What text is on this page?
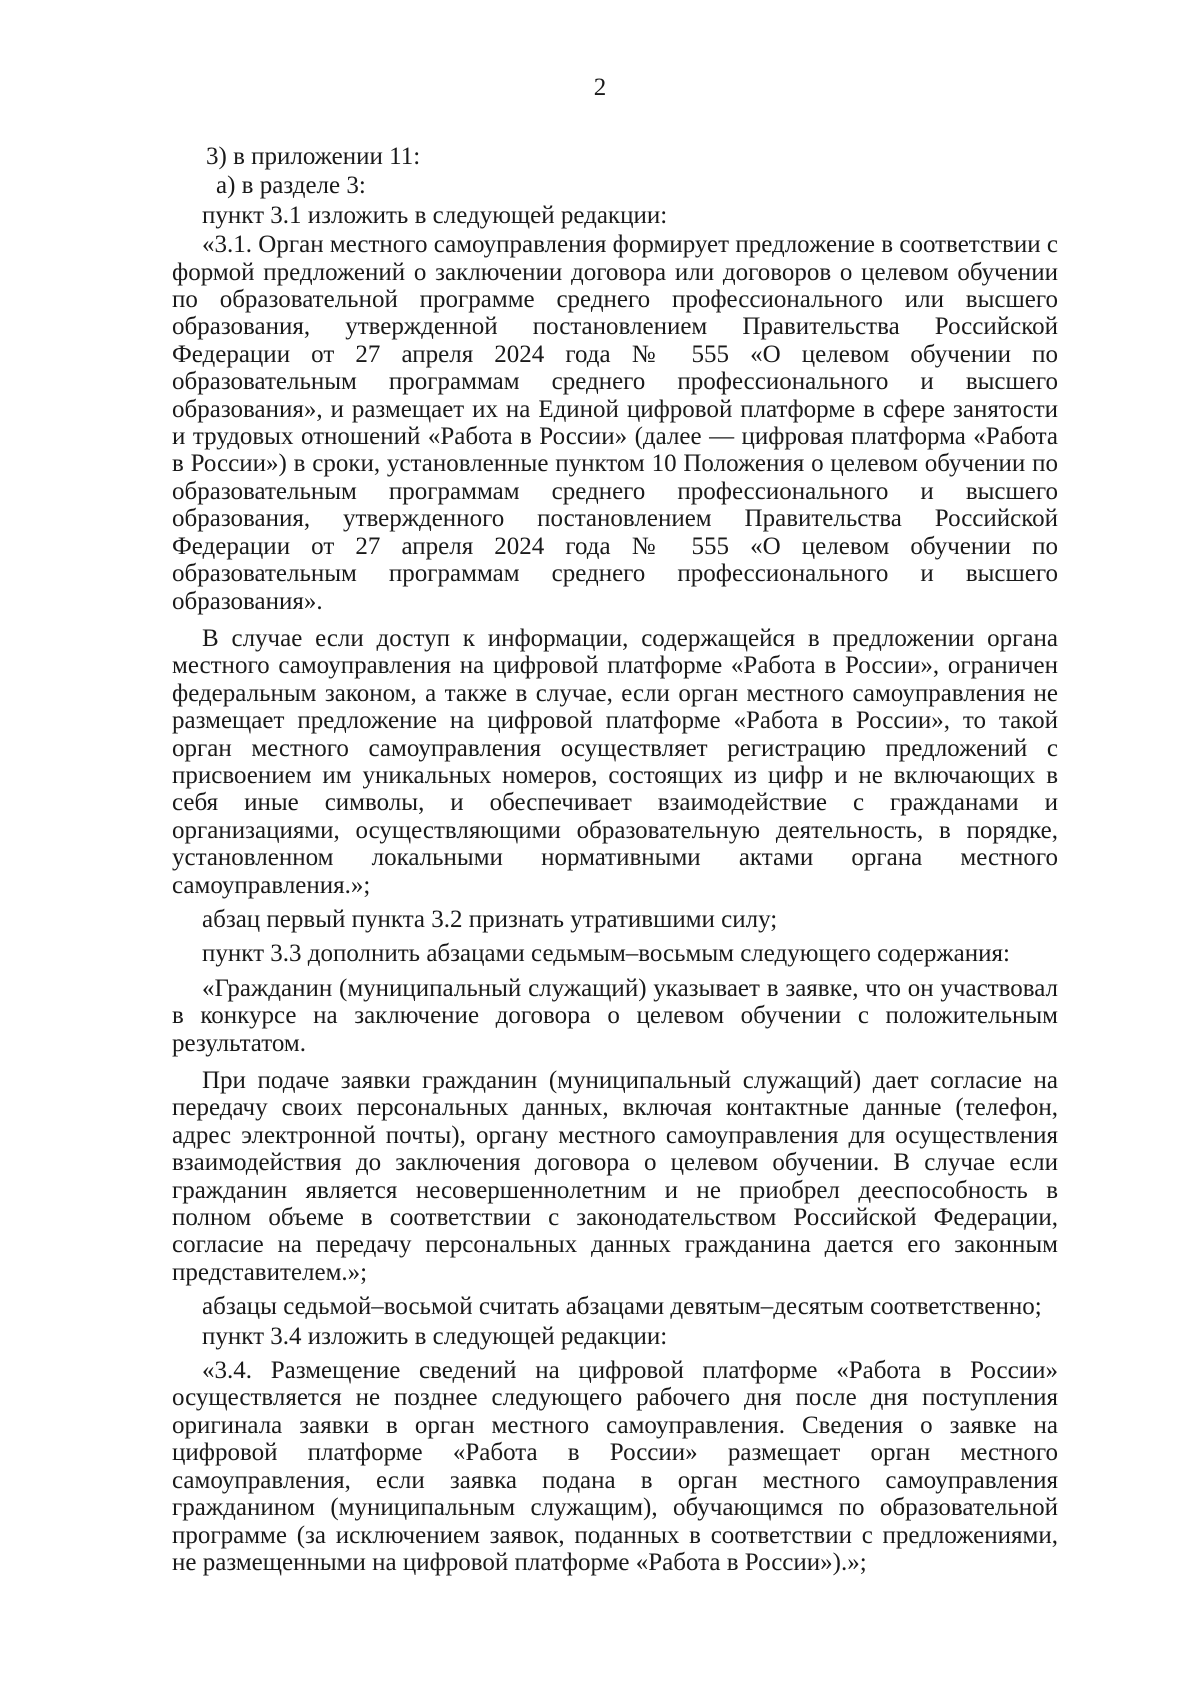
2

3) в приложении 11:

а) в разделе 3:

пункт 3.1 изложить в следующей редакции:

«3.1. Орган местного самоуправления формирует предложение в соответствии с формой предложений о заключении договора или договоров о целевом обучении по образовательной программе среднего профессионального или высшего образования, утвержденной постановлением Правительства Российской Федерации от 27 апреля 2024 года № 555 «О целевом обучении по образовательным программам среднего профессионального и высшего образования», и размещает их на Единой цифровой платформе в сфере занятости и трудовых отношений «Работа в России» (далее — цифровая платформа «Работа в России») в сроки, установленные пунктом 10 Положения о целевом обучении по образовательным программам среднего профессионального и высшего образования, утвержденного постановлением Правительства Российской Федерации от 27 апреля 2024 года № 555 «О целевом обучении по образовательным программам среднего профессионального и высшего образования».

В случае если доступ к информации, содержащейся в предложении органа местного самоуправления на цифровой платформе «Работа в России», ограничен федеральным законом, а также в случае, если орган местного самоуправления не размещает предложение на цифровой платформе «Работа в России», то такой орган местного самоуправления осуществляет регистрацию предложений с присвоением им уникальных номеров, состоящих из цифр и не включающих в себя иные символы, и обеспечивает взаимодействие с гражданами и организациями, осуществляющими образовательную деятельность, в порядке, установленном локальными нормативными актами органа местного самоуправления.»;

абзац первый пункта 3.2 признать утратившими силу;

пункт 3.3 дополнить абзацами седьмым–восьмым следующего содержания:

«Гражданин (муниципальный служащий) указывает в заявке, что он участвовал в конкурсе на заключение договора о целевом обучении с положительным результатом.

При подаче заявки гражданин (муниципальный служащий) дает согласие на передачу своих персональных данных, включая контактные данные (телефон, адрес электронной почты), органу местного самоуправления для осуществления взаимодействия до заключения договора о целевом обучении. В случае если гражданин является несовершеннолетним и не приобрел дееспособность в полном объеме в соответствии с законодательством Российской Федерации, согласие на передачу персональных данных гражданина дается его законным представителем.»;

абзацы седьмой–восьмой считать абзацами девятым–десятым соответственно;

пункт 3.4 изложить в следующей редакции:

«3.4. Размещение сведений на цифровой платформе «Работа в России» осуществляется не позднее следующего рабочего дня после дня поступления оригинала заявки в орган местного самоуправления. Сведения о заявке на цифровой платформе «Работа в России» размещает орган местного самоуправления, если заявка подана в орган местного самоуправления гражданином (муниципальным служащим), обучающимся по образовательной программе (за исключением заявок, поданных в соответствии с предложениями, не размещенными на цифровой платформе «Работа в России»).»;
